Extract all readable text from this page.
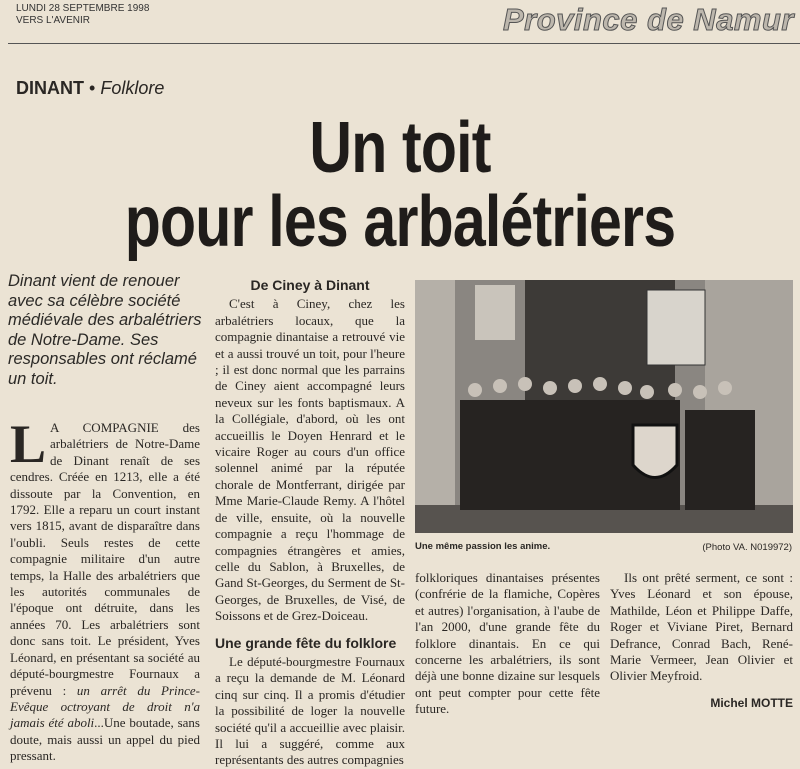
LUNDI 28 SEPTEMBRE 1998
VERS L'AVENIR	Province de Namur
DINANT • Folklore
Un toit
pour les arbalétriers
Dinant vient de renouer avec sa célèbre société médiévale des arbalétriers de Notre-Dame. Ses responsables ont réclamé un toit.
L A COMPAGNIE des arbalétriers de Notre-Dame de Dinant renaît de ses cendres. Créée en 1213, elle a été dissoute par la Convention, en 1792. Elle a reparu un court instant vers 1815, avant de disparaître dans l'oubli. Seuls restes de cette compagnie militaire d'un autre temps, la Halle des arbalétriers que les autorités communales de l'époque ont détruite, dans les années 70. Les arbalétriers sont donc sans toit. Le président, Yves Léonard, en présentant sa société au député-bourgmestre Fournaux a prévenu : un arrêt du Prince-Evêque octroyant de droit n'a jamais été aboli...Une boutade, sans doute, mais aussi un appel du pied pressant.
De Ciney à Dinant

C'est à Ciney, chez les arbalétriers locaux, que la compagnie dinantaise a retrouvé vie et a aussi trouvé un toit, pour l'heure ; il est donc normal que les parrains de Ciney aient accompagné leurs neveux sur les fonts baptismaux. A la Collégiale, d'abord, où les ont accueillis le Doyen Henrard et le vicaire Roger au cours d'un office solennel animé par la réputée chorale de Montferrant, dirigée par Mme Marie-Claude Remy. A l'hôtel de ville, ensuite, où la nouvelle compagnie a reçu l'hommage de compagnies étrangères et amies, celle du Sablon, à Bruxelles, de Gand St-Georges, du Serment de St-Georges, de Bruxelles, de Visé, de Soissons et de Grez-Doiceau.

Une grande fête du folklore

Le député-bourgmestre Fournaux a reçu la demande de M. Léonard cinq sur cinq. Il a promis d'étudier la possibilité de loger la nouvelle société qu'il a accueillie avec plaisir. Il lui a suggéré, comme aux représentants des autres compagnies

Une même passion les anime.	(Photo VA. N019972)
folkloriques dinantaises présentes (confrérie de la flamiche, Copères et autres) l'organisation, à l'aube de l'an 2000, d'une grande fête du folklore dinantais. En ce qui concerne les arbalétriers, ils sont déjà une bonne dizaine sur lesquels ont peut compter pour cette fête future.

Ils ont prêté serment, ce sont : Yves Léonard et son épouse, Mathilde, Léon et Philippe Daffe, Roger et Viviane Piret, Bernard Defrance, Conrad Bach, René-Marie Vermeer, Jean Olivier et Olivier Meyfroid.

Michel MOTTE
